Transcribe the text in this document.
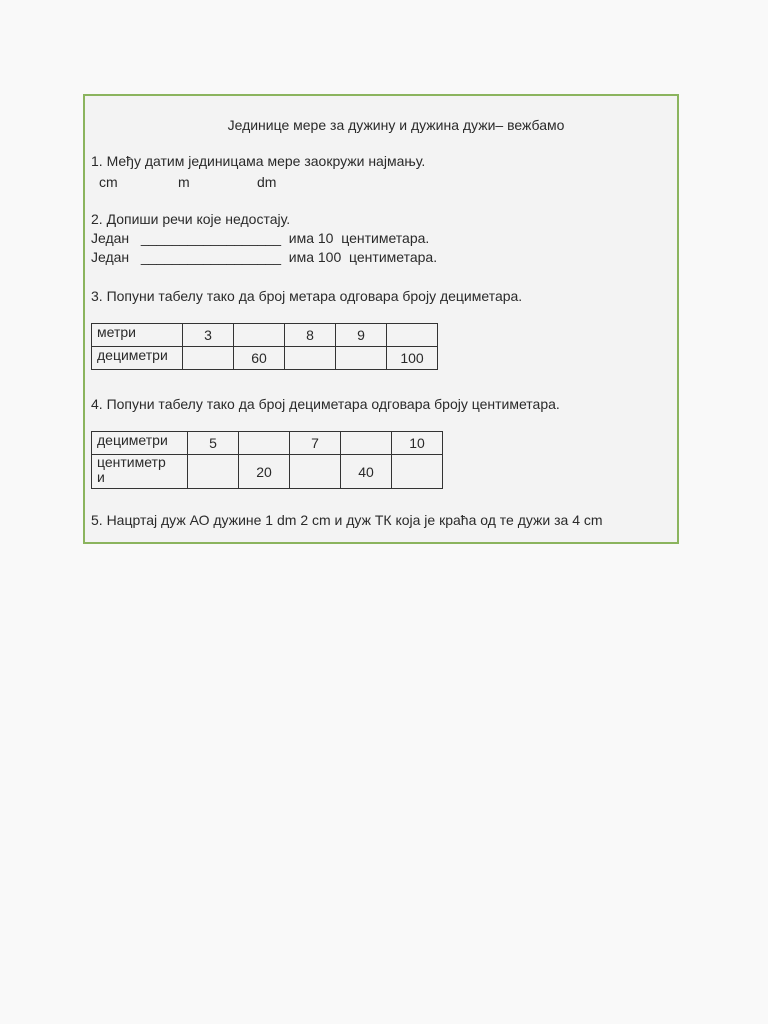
Јединице мере за дужину и дужина дужи– вежбамо
1. Међу датим јединицама мере заокружи најмању.
cm	m	dm
2. Допиши речи које недостају.
Један   __________________  има 10  центиметара.
Један   __________________  има 100  центиметара.
3. Попуни табелу тако да број метара одговара броју дециметара.
метри	3		8	9	
дециметри		60			100
4. Попуни табелу тако да број дециметара одговара броју центиметара.
дециметри	5		7		10
центиметр
и		20		40	
5. Нацртај дуж АО дужине 1 dm 2 cm и дуж ТК која је краћа од те дужи за 4 cm
